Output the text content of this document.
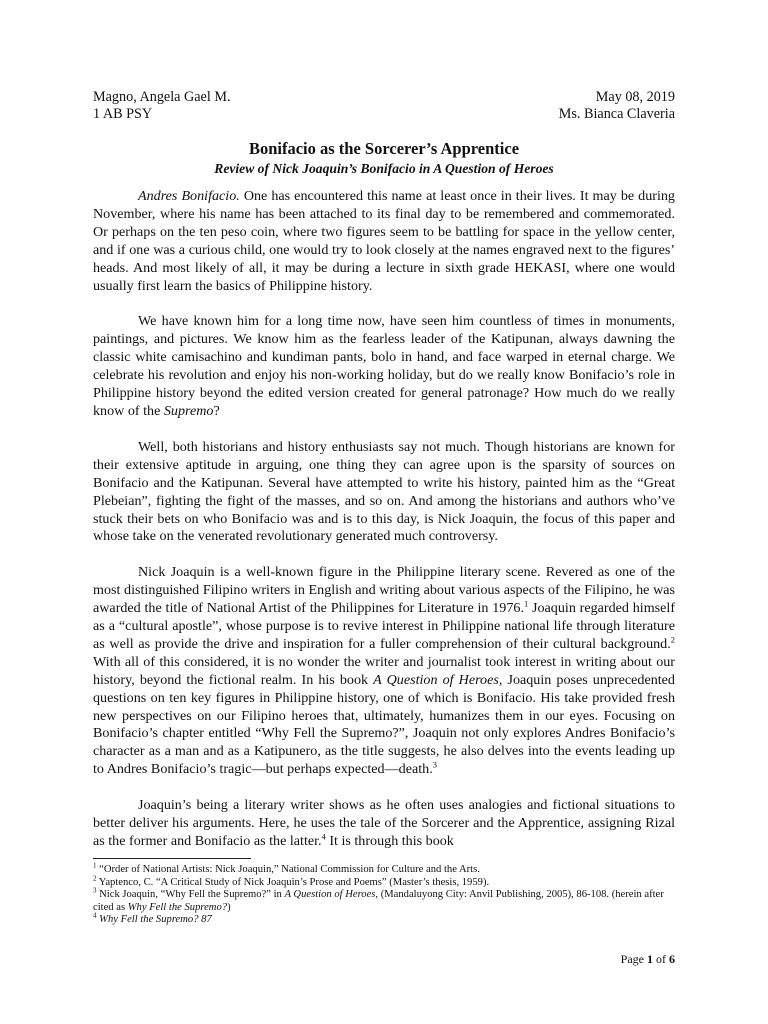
Magno, Angela Gael M.	May 08, 2019
1 AB PSY	Ms. Bianca Claveria
Bonifacio as the Sorcerer’s Apprentice
Review of Nick Joaquin’s Bonifacio in A Question of Heroes

Andres Bonifacio. One has encountered this name at least once in their lives. It may be during November, where his name has been attached to its final day to be remembered and commemorated. Or perhaps on the ten peso coin, where two figures seem to be battling for space in the yellow center, and if one was a curious child, one would try to look closely at the names engraved next to the figures’ heads. And most likely of all, it may be during a lecture in sixth grade HEKASI, where one would usually first learn the basics of Philippine history.

We have known him for a long time now, have seen him countless of times in monuments, paintings, and pictures. We know him as the fearless leader of the Katipunan, always dawning the classic white camisachino and kundiman pants, bolo in hand, and face warped in eternal charge. We celebrate his revolution and enjoy his non-working holiday, but do we really know Bonifacio’s role in Philippine history beyond the edited version created for general patronage? How much do we really know of the Supremo?

Well, both historians and history enthusiasts say not much. Though historians are known for their extensive aptitude in arguing, one thing they can agree upon is the sparsity of sources on Bonifacio and the Katipunan. Several have attempted to write his history, painted him as the “Great Plebeian”, fighting the fight of the masses, and so on. And among the historians and authors who’ve stuck their bets on who Bonifacio was and is to this day, is Nick Joaquin, the focus of this paper and whose take on the venerated revolutionary generated much controversy.

Nick Joaquin is a well-known figure in the Philippine literary scene. Revered as one of the most distinguished Filipino writers in English and writing about various aspects of the Filipino, he was awarded the title of National Artist of the Philippines for Literature in 1976.$^1$ Joaquin regarded himself as a “cultural apostle”, whose purpose is to revive interest in Philippine national life through literature as well as provide the drive and inspiration for a fuller comprehension of their cultural background.$^2$ With all of this considered, it is no wonder the writer and journalist took interest in writing about our history, beyond the fictional realm. In his book A Question of Heroes, Joaquin poses unprecedented questions on ten key figures in Philippine history, one of which is Bonifacio. His take provided fresh new perspectives on our Filipino heroes that, ultimately, humanizes them in our eyes. Focusing on Bonifacio’s chapter entitled “Why Fell the Supremo?”, Joaquin not only explores Andres Bonifacio’s character as a man and as a Katipunero, as the title suggests, he also delves into the events leading up to Andres Bonifacio’s tragic—but perhaps expected—death.$^3$

Joaquin’s being a literary writer shows as he often uses analogies and fictional situations to better deliver his arguments. Here, he uses the tale of the Sorcerer and the Apprentice, assigning Rizal as the former and Bonifacio as the latter.$^4$ It is through this book

$^1$ “Order of National Artists: Nick Joaquin,” National Commission for Culture and the Arts.
$^2$ Yaptenco, C. “A Critical Study of Nick Joaquin’s Prose and Poems” (Master’s thesis, 1959).
$^3$ Nick Joaquin, “Why Fell the Supremo?” in A Question of Heroes, (Mandaluyong City: Anvil Publishing, 2005), 86-108. (herein after cited as Why Fell the Supremo?)
$^4$ Why Fell the Supremo? 87
Page 1 of 6
